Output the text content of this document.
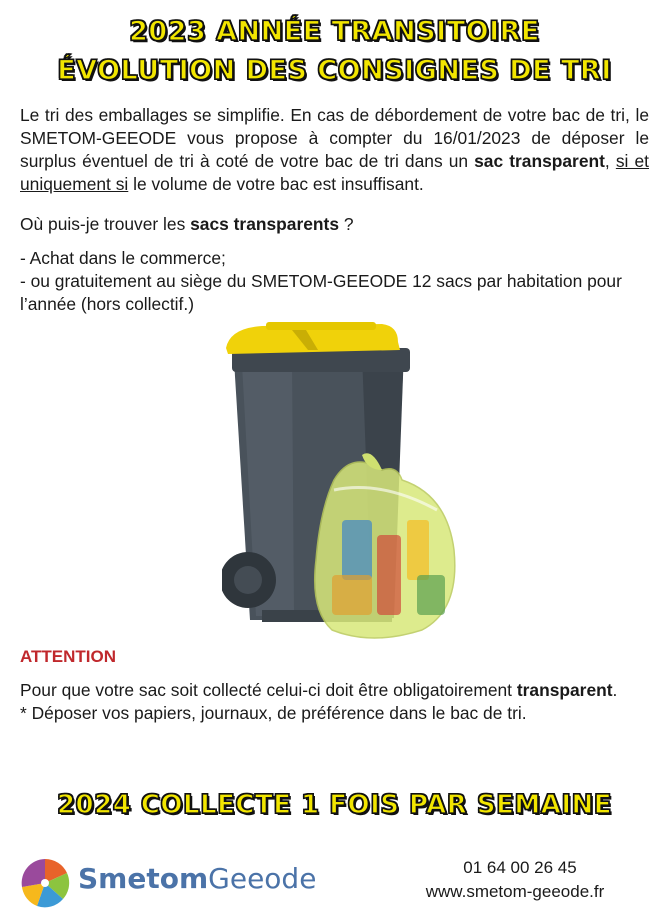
2023 ANNÉE TRANSITOIRE
ÉVOLUTION DES CONSIGNES DE TRI
Le tri des emballages se simplifie. En cas de débordement de votre bac de tri, le SMETOM-GEEODE vous propose à compter du 16/01/2023 de déposer le surplus éventuel de tri à coté de votre bac de tri dans un sac transparent, si et uniquement si le volume de votre bac est insuffisant.
Où puis-je trouver les sacs transparents ?
- Achat dans le commerce;
- ou gratuitement au siège du SMETOM-GEEODE 12 sacs par habitation pour l’année (hors collectif.)
ATTENTION
Pour que votre sac soit collecté celui-ci doit être obligatoirement transparent.
* Déposer vos papiers, journaux, de préférence dans le bac de tri.
2024 COLLECTE 1 FOIS PAR SEMAINE
SmetomGeeode	01 64 00 26 45
www.smetom-geeode.fr
